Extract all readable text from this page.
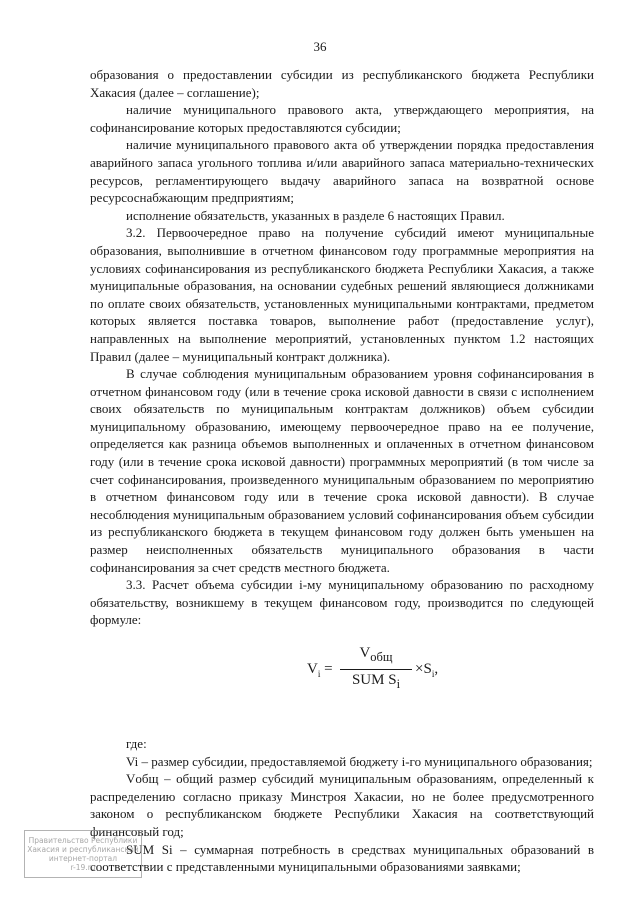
36

образования о предоставлении субсидии из республиканского бюджета Республики Хакасия (далее – соглашение);

наличие муниципального правового акта, утверждающего мероприятия, на софинансирование которых предоставляются субсидии;

наличие муниципального правового акта об утверждении порядка предоставления аварийного запаса угольного топлива и/или аварийного запаса материально-технических ресурсов, регламентирующего выдачу аварийного запаса на возвратной основе ресурсоснабжающим предприятиям;

исполнение обязательств, указанных в разделе 6 настоящих Правил.

3.2. Первоочередное право на получение субсидий имеют муниципальные образования, выполнившие в отчетном финансовом году программные мероприятия на условиях софинансирования из республиканского бюджета Республики Хакасия, а также муниципальные образования, на основании судебных решений являющиеся должниками по оплате своих обязательств, установленных муниципальными контрактами, предметом которых является поставка товаров, выполнение работ (предоставление услуг), направленных на выполнение мероприятий, установленных пунктом 1.2 настоящих Правил (далее – муниципальный контракт должника).

В случае соблюдения муниципальным образованием уровня софинансирования в отчетном финансовом году (или в течение срока исковой давности в связи с исполнением своих обязательств по муниципальным контрактам должников) объем субсидии муниципальному образованию, имеющему первоочередное право на ее получение, определяется как разница объемов выполненных и оплаченных в отчетном финансовом году (или в течение срока исковой давности) программных мероприятий (в том числе за счет софинансирования, произведенного муниципальным образованием по мероприятию в отчетном финансовом году или в течение срока исковой давности). В случае несоблюдения муниципальным образованием условий софинансирования объем субсидии из республиканского бюджета в текущем финансовом году должен быть уменьшен на размер неисполненных обязательств муниципального образования в части софинансирования за счет средств местного бюджета.

3.3. Расчет объема субсидии i-му муниципальному образованию по расходному обязательству, возникшему в текущем финансовом году, производится по следующей формуле:

$V_i$ =
$V_{общ}$
SUM $S_i$
$\times S_i$,

где:

Vi – размер субсидии, предоставляемой бюджету i-го муниципального образования;

Vобщ – общий размер субсидий муниципальным образованиям, определенный к распределению согласно приказу Минстроя Хакасии, но не более предусмотренного законом о республиканском бюджете Республики Хакасия на соответствующий финансовый год;

SUM Si – суммарная потребность в средствах муниципальных образований в соответствии с представленными муниципальными образованиями заявками;

Правительство Республики
Хакасия и республиканский
интернет-портал
r-19.ru
